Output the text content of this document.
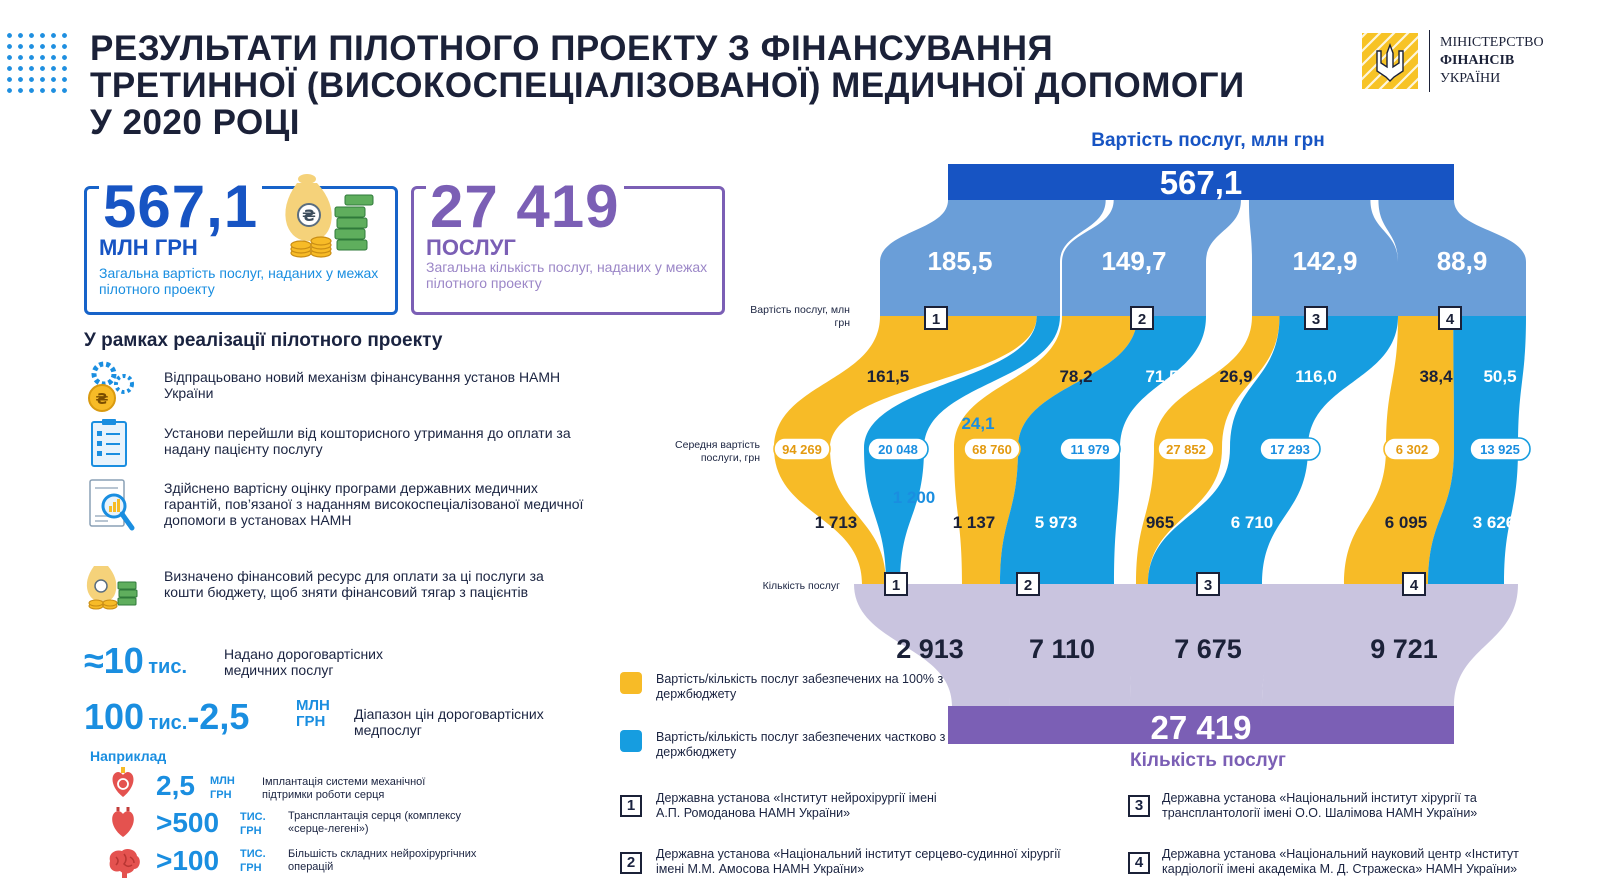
РЕЗУЛЬТАТИ ПІЛОТНОГО ПРОЕКТУ З ФІНАНСУВАННЯ
ТРЕТИННОЇ (ВИСОКОСПЕЦІАЛІЗОВАНОЇ) МЕДИЧНОЇ ДОПОМОГИ
У 2020 РОЦІ
МІНІСТЕРСТВО
ФІНАНСІВ
УКРАЇНИ
567,1
МЛН ГРН
Загальна вартість послуг, наданих у межах пілотного проекту
₴ 27 419
ПОСЛУГ
Загальна кількість послуг, наданих у межах пілотного проекту
У рамках реалізації пілотного проекту
₴
Відпрацьовано новий механізм фінансування установ НАМН України
Установи перейшли від кошторисного утримання до оплати за надану пацієнту послугу
Здійснено вартісну оцінку програми державних медичних гарантій, пов’язаної з наданням високоспеціалізованої медичної допомоги в установах НАМН
Визначено фінансовий ресурс для оплати за ці послуги за кошти бюджету, щоб зняти фінансовий тягар з пацієнтів
≈10 тис.
Надано дороговартісних медичних послуг
100 тис.-2,5	МЛН
ГРН	Діапазон цін дороговартісних медпослуг
Наприклад
2,5 МЛН
ГРН
Імплантація системи механічної підтримки роботи серця
>500 ТИС.
ГРН
Трансплантація серця (комплексу «серце-легені»)
>100 ТИС.
ГРН
Більшість складних нейрохірургічних операцій
185,5	149,7	142,9	88,9
567,1
27 419
1	2	3	4
1	2	3	4
94 269	20 048	68 760	11 979	27 852	17 293	6 302	13 925
161,5
24,1
78,2	71,5 26,9	116,0	38,4 50,5
1 713
1 200
1 137 5 973	965	6 710	6 095	3 626
2 913 7 110	7 675	9 721
Вартість послуг, млн грн
Кількість послуг
Вартість послуг, млн грн
Середня вартість послуги, грн
Кількість послуг
Вартість/кількість послуг забезпечених на 100% з держбюджету
Вартість/кількість послуг забезпечених частково з держбюджету
1	Державна установа «Інститут нейрохірургії імені А.П. Ромоданова НАМН України»
2	Державна установа «Національний інститут серцево-судинної хірургії імені М.М. Амосова НАМН України»
3	Державна установа «Національний інститут хірургії та трансплантології імені О.О. Шалімова НАМН України»
4	Державна установа «Національний науковий центр «Інститут кардіології імені академіка М. Д. Стражеска» НАМН України»
